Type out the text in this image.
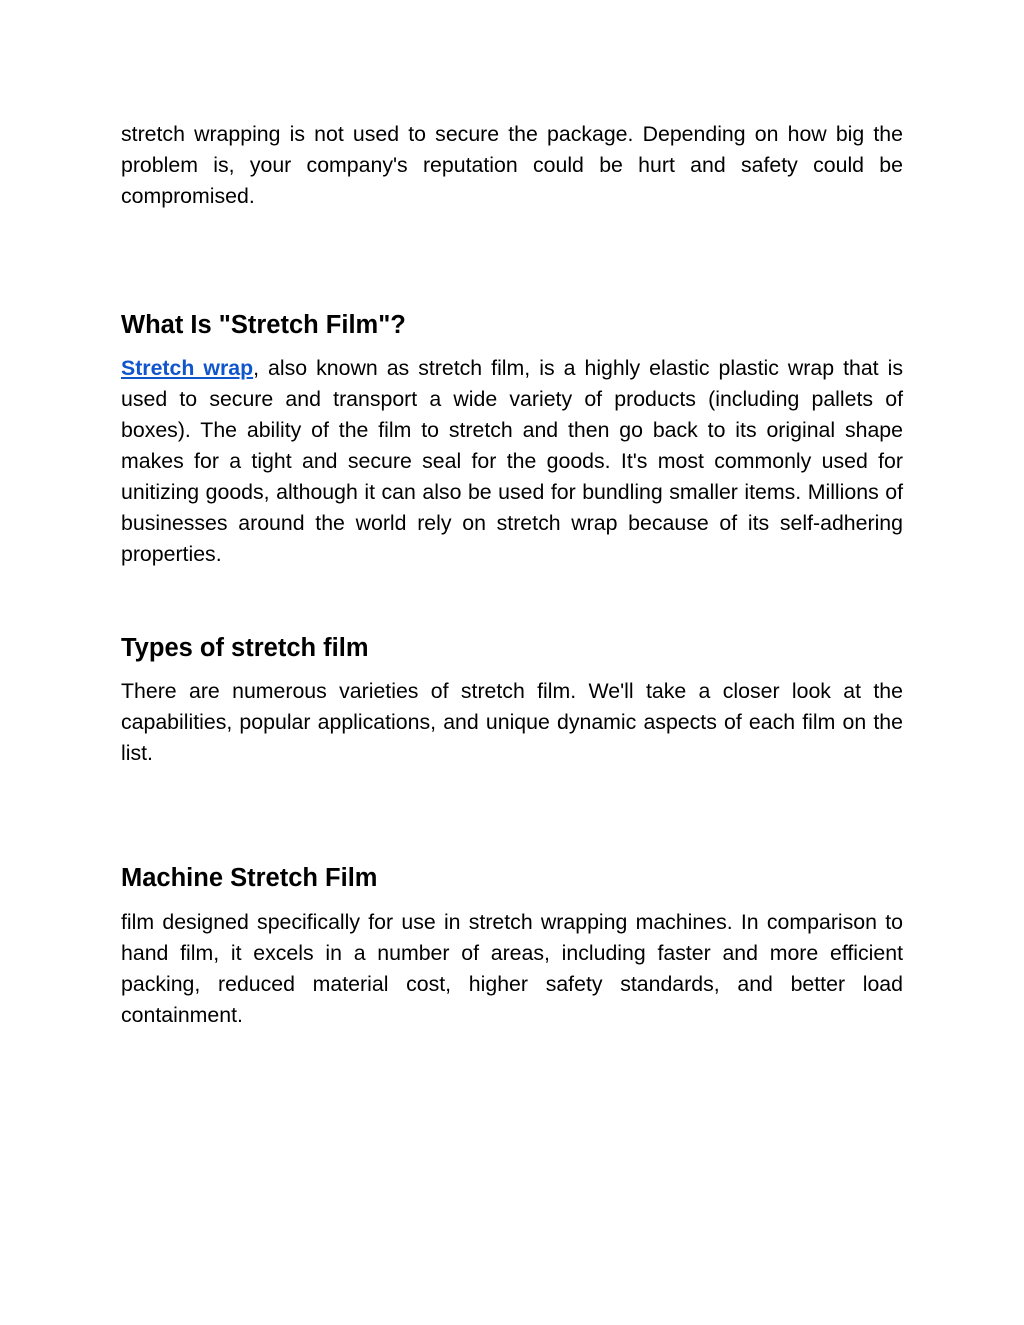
stretch wrapping is not used to secure the package. Depending on how big the problem is, your company's reputation could be hurt and safety could be compromised.

What Is "Stretch Film"?

Stretch wrap, also known as stretch film, is a highly elastic plastic wrap that is used to secure and transport a wide variety of products (including pallets of boxes). The ability of the film to stretch and then go back to its original shape makes for a tight and secure seal for the goods. It's most commonly used for unitizing goods, although it can also be used for bundling smaller items. Millions of businesses around the world rely on stretch wrap because of its self-adhering properties.

Types of stretch film

There are numerous varieties of stretch film. We'll take a closer look at the capabilities, popular applications, and unique dynamic aspects of each film on the list.

Machine Stretch Film

film designed specifically for use in stretch wrapping machines. In comparison to hand film, it excels in a number of areas, including faster and more efficient packing, reduced material cost, higher safety standards, and better load containment.
